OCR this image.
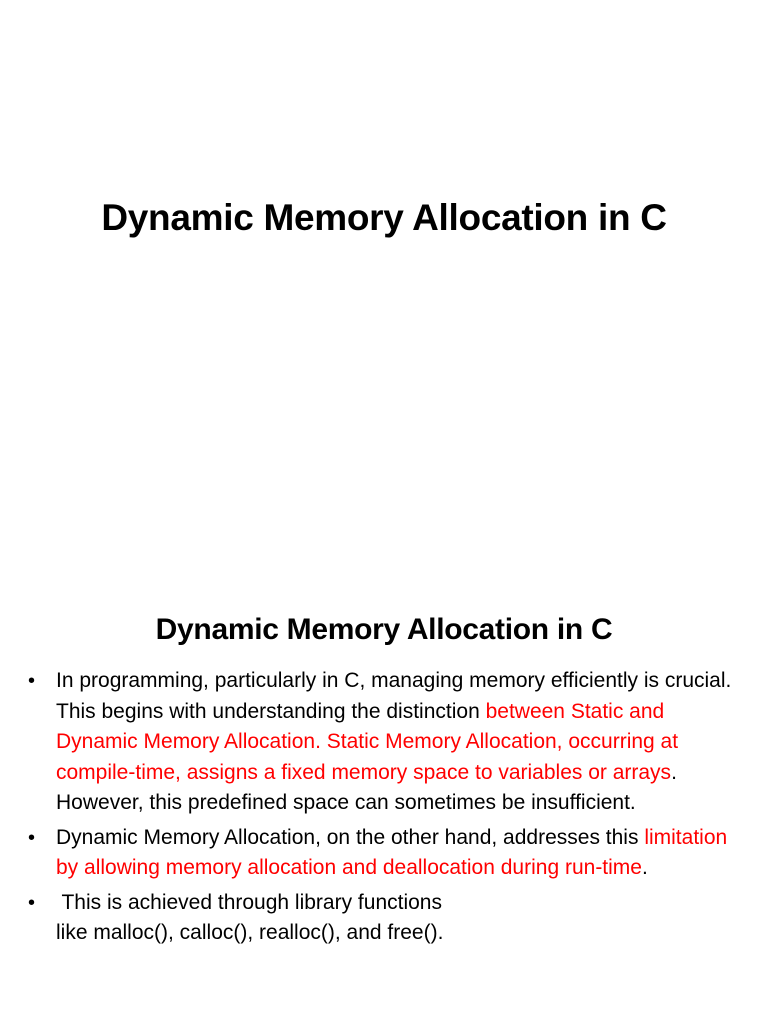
Dynamic Memory Allocation in C
Dynamic Memory Allocation in C
• In programming, particularly in C, managing memory efficiently is crucial. This begins with understanding the distinction between Static and Dynamic Memory Allocation. Static Memory Allocation, occurring at compile-time, assigns a fixed memory space to variables or arrays. However, this predefined space can sometimes be insufficient.
• Dynamic Memory Allocation, on the other hand, addresses this limitation by allowing memory allocation and deallocation during run-time.
• This is achieved through library functions
like malloc(), calloc(), realloc(), and free().
